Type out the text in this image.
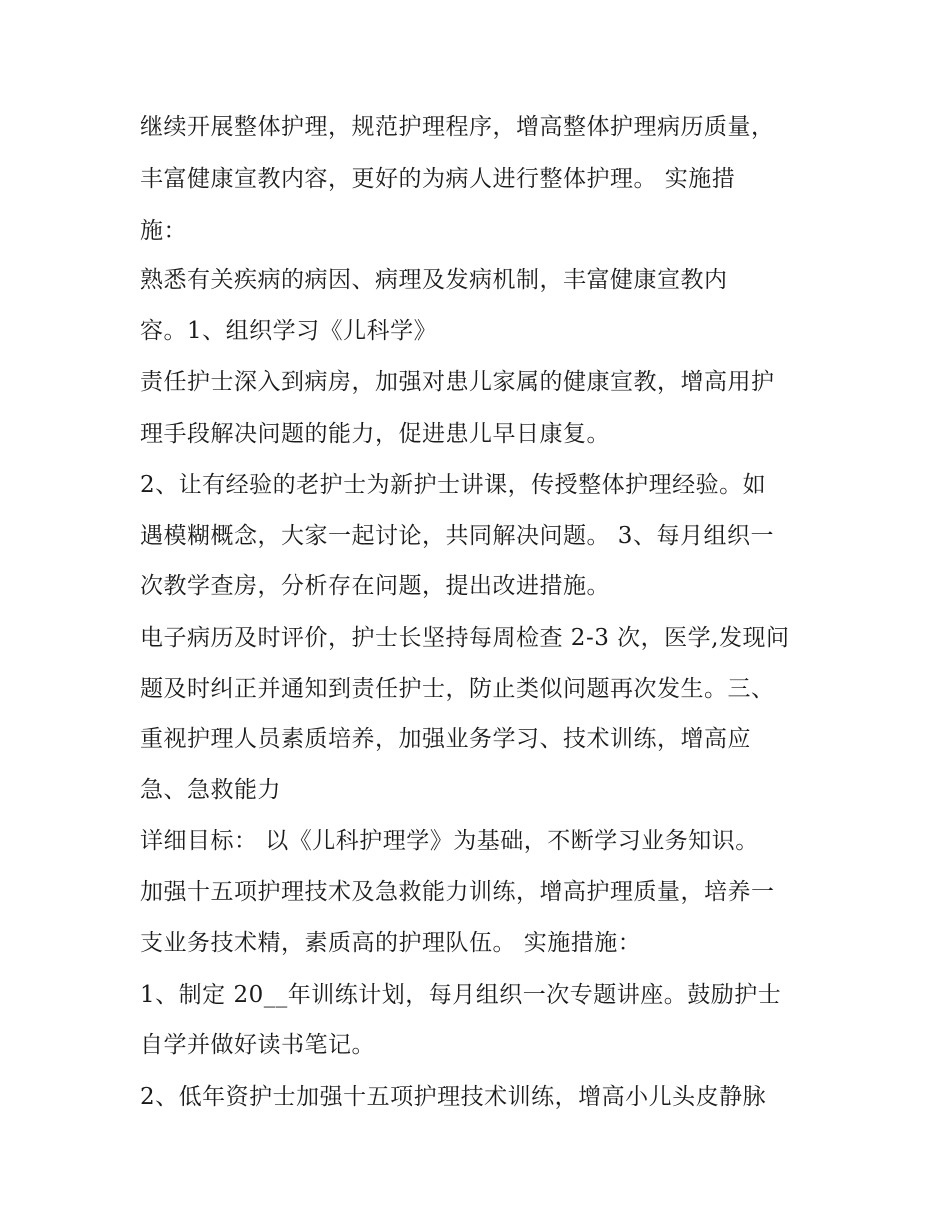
继续开展整体护理，规范护理程序，增高整体护理病历质量，
丰富健康宣教内容，更好的为病人进行整体护理。 实施措
施：
熟悉有关疾病的病因、病理及发病机制，丰富健康宣教内
容。1、组织学习《儿科学》
责任护士深入到病房，加强对患儿家属的健康宣教，增高用护
理手段解决问题的能力，促进患儿早日康复。
2、让有经验的老护士为新护士讲课，传授整体护理经验。如
遇模糊概念，大家一起讨论，共同解决问题。 3、每月组织一
次教学查房，分析存在问题，提出改进措施。
电子病历及时评价，护士长坚持每周检查 2-3 次，医学,发现问
题及时纠正并通知到责任护士，防止类似问题再次发生。三、
重视护理人员素质培养，加强业务学习、技术训练，增高应
急、急救能力
详细目标： 以《儿科护理学》为基础，不断学习业务知识。
加强十五项护理技术及急救能力训练，增高护理质量，培养一
支业务技术精，素质高的护理队伍。 实施措施：
1、制定 20__年训练计划，每月组织一次专题讲座。鼓励护士
自学并做好读书笔记。
2、低年资护士加强十五项护理技术训练，增高小儿头皮静脉
